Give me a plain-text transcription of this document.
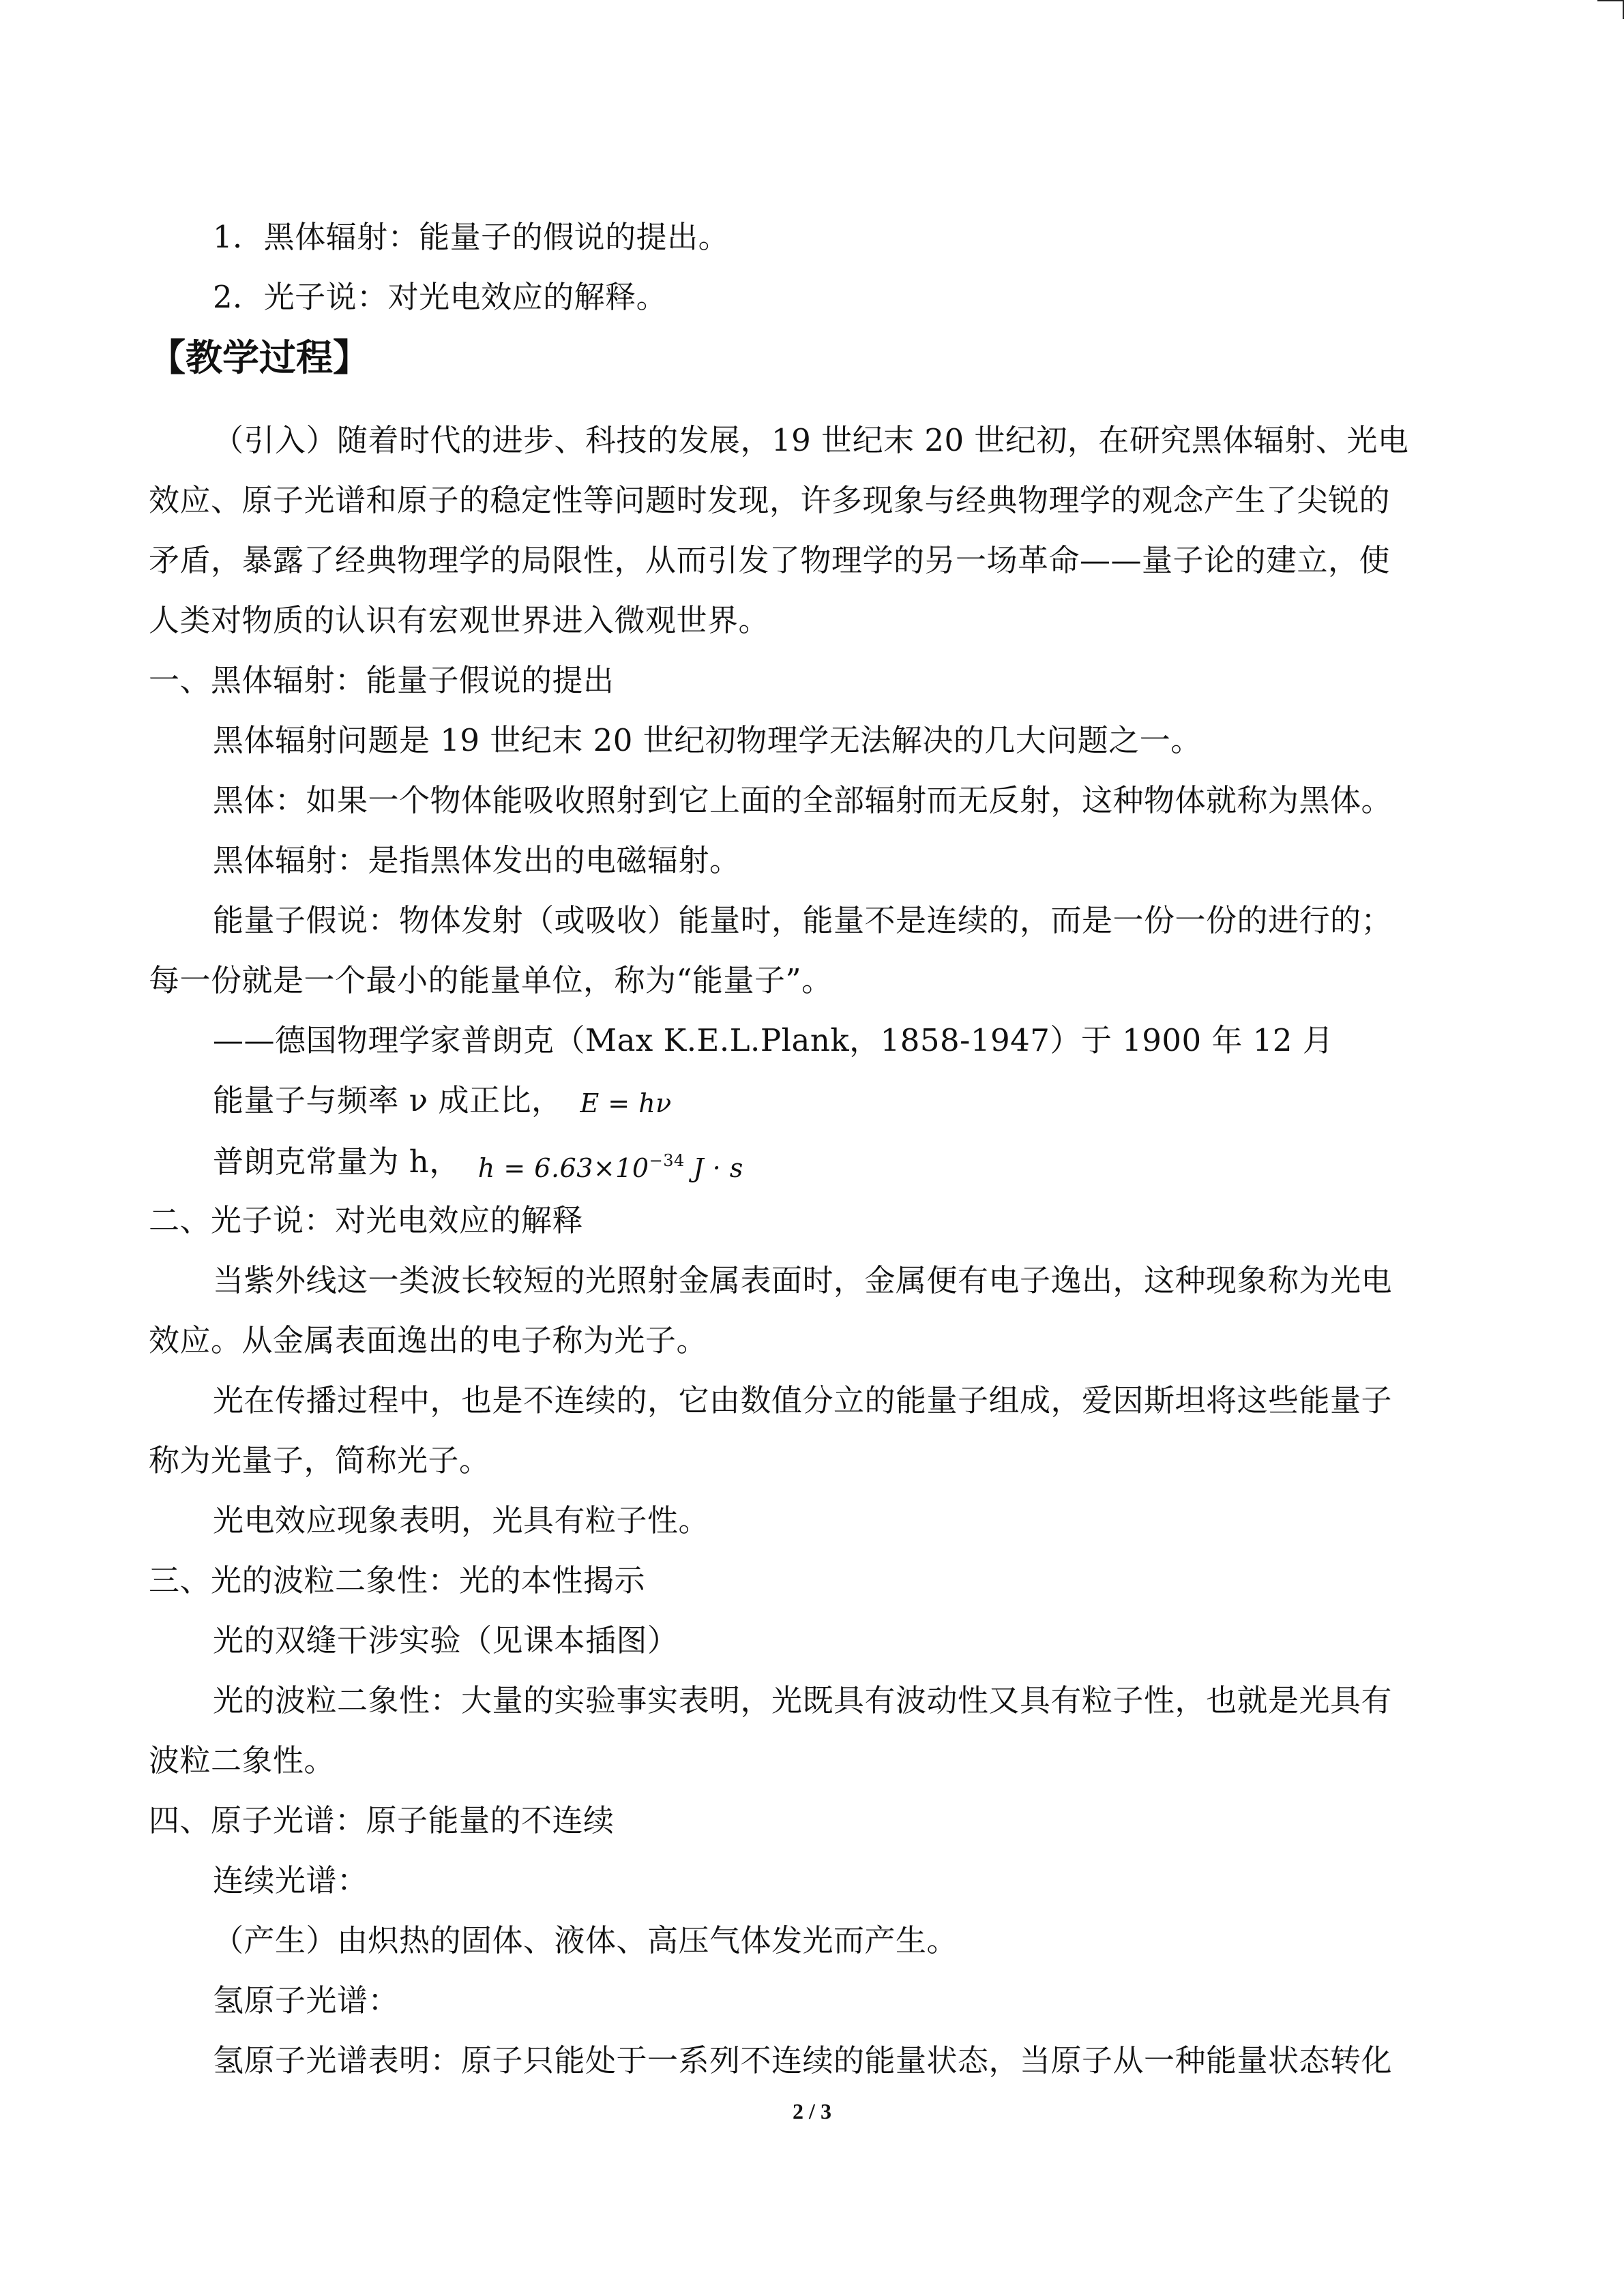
1．黑体辐射：能量子的假说的提出。
2．光子说：对光电效应的解释。
【教学过程】
（引入）随着时代的进步、科技的发展，19 世纪末 20 世纪初，在研究黑体辐射、光电
效应、原子光谱和原子的稳定性等问题时发现，许多现象与经典物理学的观念产生了尖锐的
矛盾，暴露了经典物理学的局限性，从而引发了物理学的另一场革命——量子论的建立，使
人类对物质的认识有宏观世界进入微观世界。
一、黑体辐射：能量子假说的提出
黑体辐射问题是 19 世纪末 20 世纪初物理学无法解决的几大问题之一。
黑体：如果一个物体能吸收照射到它上面的全部辐射而无反射，这种物体就称为黑体。
黑体辐射：是指黑体发出的电磁辐射。
能量子假说：物体发射（或吸收）能量时，能量不是连续的，而是一份一份的进行的；
每一份就是一个最小的能量单位，称为“能量子”。
——德国物理学家普朗克（Max K.E.L.Plank，1858-1947）于 1900 年 12 月
能量子与频率 ν 成正比， E = hν
普朗克常量为 h， $h = 6.63\times 10^{-34}$ J · s
二、光子说：对光电效应的解释
当紫外线这一类波长较短的光照射金属表面时，金属便有电子逸出，这种现象称为光电
效应。从金属表面逸出的电子称为光子。
光在传播过程中，也是不连续的，它由数值分立的能量子组成，爱因斯坦将这些能量子
称为光量子，简称光子。
光电效应现象表明，光具有粒子性。
三、光的波粒二象性：光的本性揭示
光的双缝干涉实验（见课本插图）
光的波粒二象性：大量的实验事实表明，光既具有波动性又具有粒子性，也就是光具有
波粒二象性。
四、原子光谱：原子能量的不连续
连续光谱：
（产生）由炽热的固体、液体、高压气体发光而产生。
氢原子光谱：
氢原子光谱表明：原子只能处于一系列不连续的能量状态，当原子从一种能量状态转化
2 / 3
